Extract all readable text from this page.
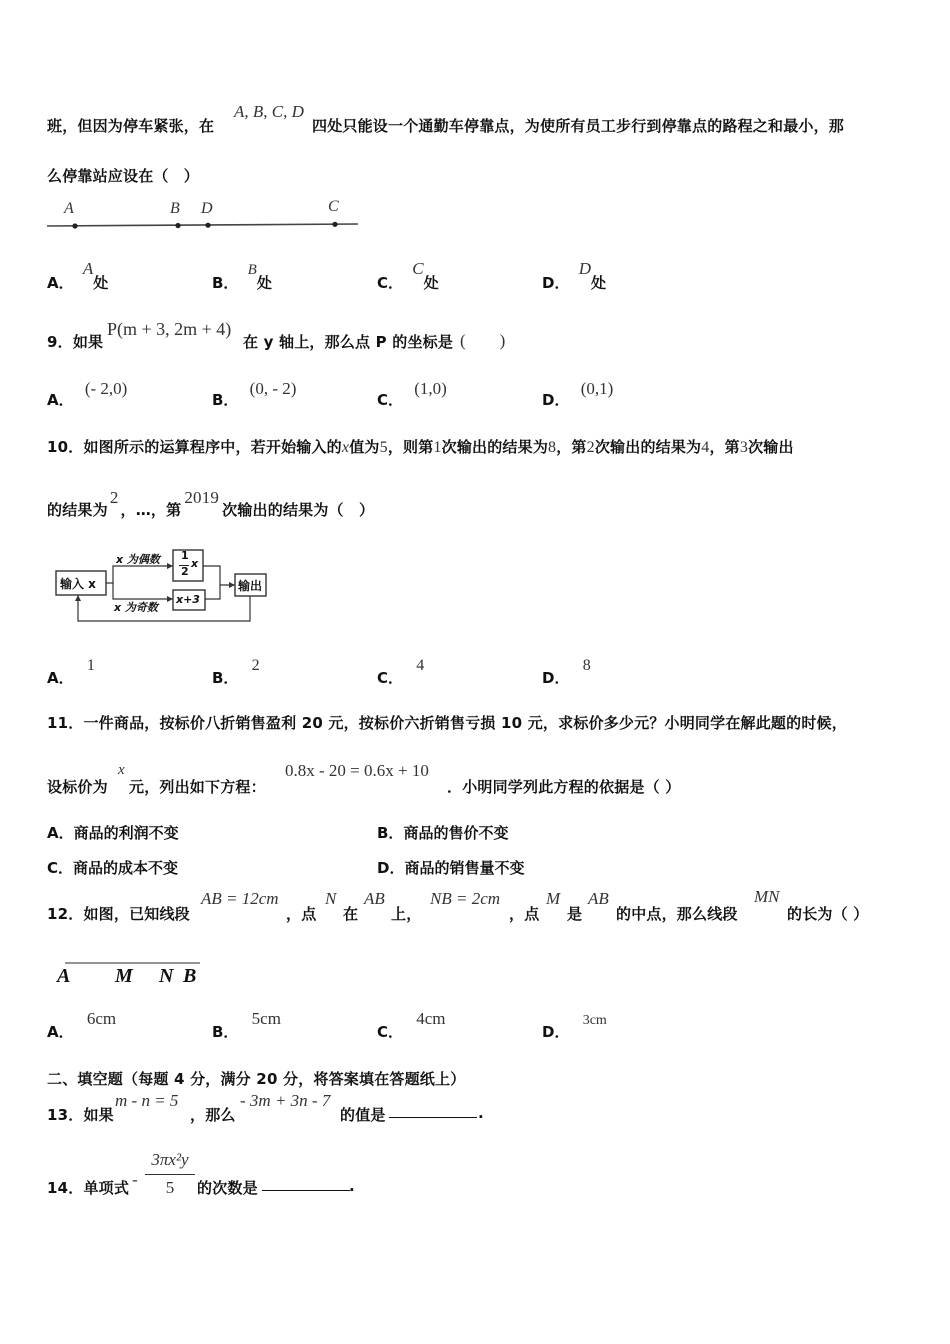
班，但因为停车紧张，在
A, B, C, D
四处只能设一个通勤车停靠点，为使所有员工步行到停靠点的路程之和最小，那
么停靠站应设在（　）
A	B D	C
A． A处	B． B处	C． C处	D． D处
9．如果
P(m + 3, 2m + 4)
在 y 轴上，那么点 P 的坐标是 (　　)
A． (- 2,0)
B． (0, - 2)
C． (1,0)
D． (0,1)
10．如图所示的运算程序中，若开始输入的x值为5，则第1次输出的结果为8，第2次输出的结果为4，第3次输出
的结果为2，…，第2019次输出的结果为（　）
输入 x
x 为偶数
x 为奇数
1
2
x
x+3
输出
A． 1
B． 2
C． 4
D． 8
11．一件商品，按标价八折销售盈利 20 元，按标价六折销售亏损 10 元，求标价多少元？小明同学在解此题的时候，
设标价为
x
元，列出如下方程：
0.8x - 20 = 0.6x + 10
．小明同学列此方程的依据是（ ）
A．商品的利润不变	B．商品的售价不变
C．商品的成本不变	D．商品的销售量不变
12．如图，已知线段
AB = 12cm
，点
N
在
AB
上，
NB = 2cm
，点
M
是
AB
的中点，那么线段
MN
的长为（ ）
A M N B
A． 6cm
B． 5cm
C． 4cm
D． 3cm
二、填空题（每题 4 分，满分 20 分，将答案填在答题纸上）
13．如果
m - n = 5
，那么
- 3m + 3n - 7
的值是	.
14．单项式 -
3πx²y
5	的次数是	.
